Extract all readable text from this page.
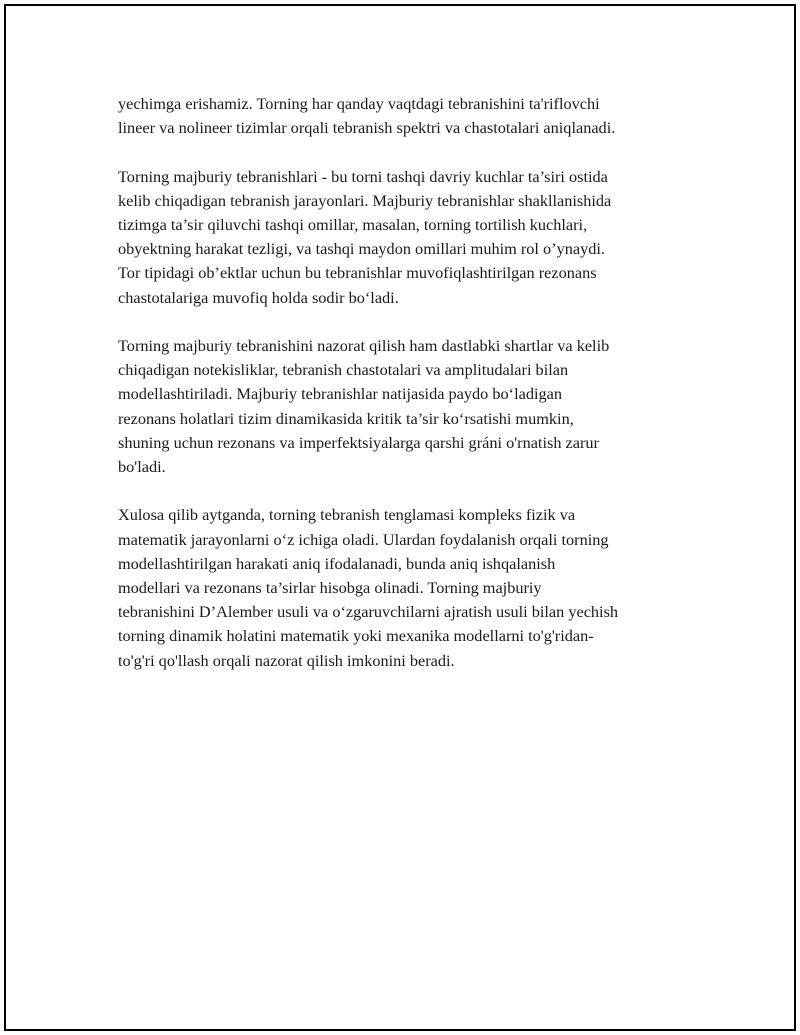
yechimga erishamiz. Torning har qanday vaqtdagi tebranishini ta'riflovchi
lineer va nolineer tizimlar orqali tebranish spektri va chastotalari aniqlanadi.

Torning majburiy tebranishlari - bu torni tashqi davriy kuchlar ta’siri ostida
kelib chiqadigan tebranish jarayonlari. Majburiy tebranishlar shakllanishida
tizimga ta’sir qiluvchi tashqi omillar, masalan, torning tortilish kuchlari,
obyektning harakat tezligi, va tashqi maydon omillari muhim rol o’ynaydi.
Tor tipidagi ob’ektlar uchun bu tebranishlar muvofiqlashtirilgan rezonans
chastotalariga muvofiq holda sodir bo‘ladi.

Torning majburiy tebranishini nazorat qilish ham dastlabki shartlar va kelib
chiqadigan notekisliklar, tebranish chastotalari va amplitudalari bilan
modellashtiriladi. Majburiy tebranishlar natijasida paydo bo‘ladigan
rezonans holatlari tizim dinamikasida kritik ta’sir ko‘rsatishi mumkin,
shuning uchun rezonans va imperfektsiyalarga qarshi gráni o'rnatish zarur
bo'ladi.

Xulosa qilib aytganda, torning tebranish tenglamasi kompleks fizik va
matematik jarayonlarni o‘z ichiga oladi. Ulardan foydalanish orqali torning
modellashtirilgan harakati aniq ifodalanadi, bunda aniq ishqalanish
modellari va rezonans ta’sirlar hisobga olinadi. Torning majburiy
tebranishini D’Alember usuli va o‘zgaruvchilarni ajratish usuli bilan yechish
torning dinamik holatini matematik yoki mexanika modellarni to'g'ridan-
to'g'ri qo'llash orqali nazorat qilish imkonini beradi.
